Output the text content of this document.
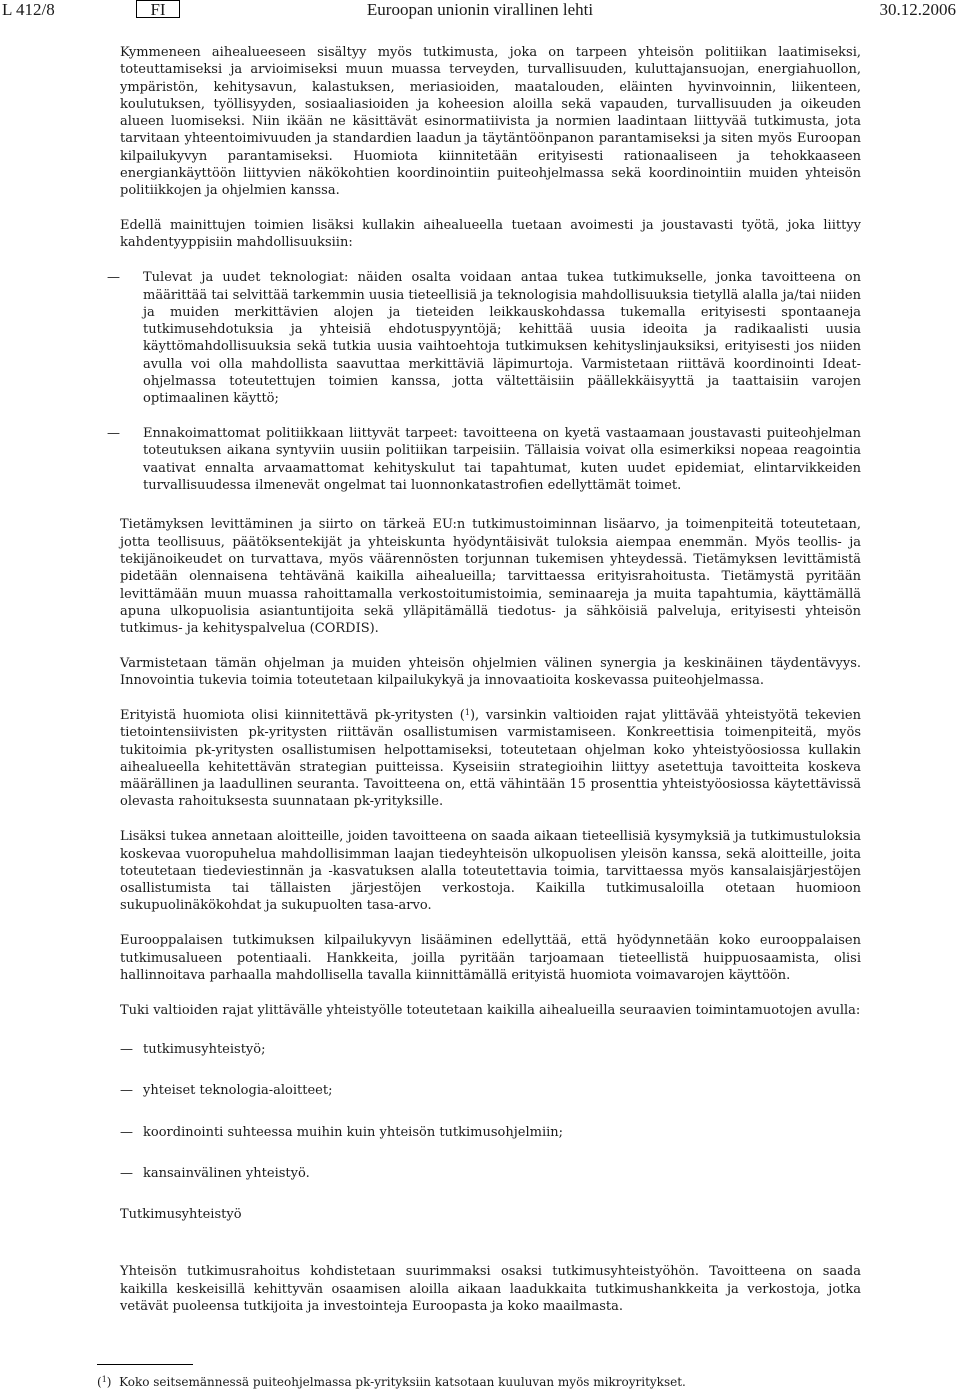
L 412/8	FI	Euroopan unionin virallinen lehti	30.12.2006

Kymmeneen aihealueeseen sisältyy myös tutkimusta, joka on tarpeen yhteisön politiikan laatimiseksi, toteuttamiseksi ja arvioimiseksi muun muassa terveyden, turvallisuuden, kuluttajansuojan, energiahuollon, ympäristön, kehitysavun, kalastuksen, meriasioiden, maatalouden, eläinten hyvinvoinnin, liikenteen, koulutuksen, työllisyyden, sosiaaliasioiden ja koheesion aloilla sekä vapauden, turvallisuuden ja oikeuden alueen luomiseksi. Niin ikään ne käsittävät esinormatiivista ja normien laadintaan liittyvää tutkimusta, jota tarvitaan yhteentoimivuuden ja standardien laadun ja täytäntöönpanon parantamiseksi ja siten myös Euroopan kilpailukyvyn parantamiseksi. Huomiota kiinnitetään erityisesti rationaaliseen ja tehokkaaseen energiankäyttöön liittyvien näkökohtien koordinointiin puiteohjelmassa sekä koordinointiin muiden yhteisön politiikkojen ja ohjelmien kanssa.

Edellä mainittujen toimien lisäksi kullakin aihealueella tuetaan avoimesti ja joustavasti työtä, joka liittyy kahdentyyppisiin mahdollisuuksiin:

— Tulevat ja uudet teknologiat: näiden osalta voidaan antaa tukea tutkimukselle, jonka tavoitteena on määrittää tai selvittää tarkemmin uusia tieteellisiä ja teknologisia mahdollisuuksia tietyllä alalla ja/tai niiden ja muiden merkittävien alojen ja tieteiden leikkauskohdassa tukemalla erityisesti spontaaneja tutkimusehdotuksia ja yhteisiä ehdotuspyyntöjä; kehittää uusia ideoita ja radikaalisti uusia käyttömahdollisuuksia sekä tutkia uusia vaihtoehtoja tutkimuksen kehityslinjauksiksi, erityisesti jos niiden avulla voi olla mahdollista saavuttaa merkittäviä läpimurtoja. Varmistetaan riittävä koordinointi Ideat-ohjelmassa toteutettujen toimien kanssa, jotta vältettäisiin päällekkäisyyttä ja taattaisiin varojen optimaalinen käyttö;
— Ennakoimattomat politiikkaan liittyvät tarpeet: tavoitteena on kyetä vastaamaan joustavasti puiteohjelman toteutuksen aikana syntyviin uusiin politiikan tarpeisiin. Tällaisia voivat olla esimerkiksi nopeaa reagointia vaativat ennalta arvaamattomat kehityskulut tai tapahtumat, kuten uudet epidemiat, elintarvikkeiden turvallisuudessa ilmenevät ongelmat tai luonnonkatastrofien edellyttämät toimet.

Tietämyksen levittäminen ja siirto on tärkeä EU:n tutkimustoiminnan lisäarvo, ja toimenpiteitä toteutetaan, jotta teollisuus, päätöksentekijät ja yhteiskunta hyödyntäisivät tuloksia aiempaa enemmän. Myös teollis- ja tekijänoikeudet on turvattava, myös väärennösten torjunnan tukemisen yhteydessä. Tietämyksen levittämistä pidetään olennaisena tehtävänä kaikilla aihealueilla; tarvittaessa erityisrahoitusta. Tietämystä pyritään levittämään muun muassa rahoittamalla verkostoitumistoimia, seminaareja ja muita tapahtumia, käyttämällä apuna ulkopuolisia asiantuntijoita sekä ylläpitämällä tiedotus- ja sähköisiä palveluja, erityisesti yhteisön tutkimus- ja kehityspalvelua (CORDIS).

Varmistetaan tämän ohjelman ja muiden yhteisön ohjelmien välinen synergia ja keskinäinen täydentävyys. Innovointia tukevia toimia toteutetaan kilpailukykyä ja innovaatioita koskevassa puiteohjelmassa.

Erityistä huomiota olisi kiinnitettävä pk-yritysten ($^1$), varsinkin valtioiden rajat ylittävää yhteistyötä tekevien tietointensiivisten pk-yritysten riittävän osallistumisen varmistamiseen. Konkreettisia toimenpiteitä, myös tukitoimia pk-yritysten osallistumisen helpottamiseksi, toteutetaan ohjelman koko yhteistyöosiossa kullakin aihealueella kehitettävän strategian puitteissa. Kyseisiin strategioihin liittyy asetettuja tavoitteita koskeva määrällinen ja laadullinen seuranta. Tavoitteena on, että vähintään 15 prosenttia yhteistyöosiossa käytettävissä olevasta rahoituksesta suunnataan pk-yrityksille.

Lisäksi tukea annetaan aloitteille, joiden tavoitteena on saada aikaan tieteellisiä kysymyksiä ja tutkimustuloksia koskevaa vuoropuhelua mahdollisimman laajan tiedeyhteisön ulkopuolisen yleisön kanssa, sekä aloitteille, joita toteutetaan tiedeviestinnän ja -kasvatuksen alalla toteutettavia toimia, tarvittaessa myös kansalaisjärjestöjen osallistumista tai tällaisten järjestöjen verkostoja. Kaikilla tutkimusaloilla otetaan huomioon sukupuolinäkökohdat ja sukupuolten tasa-arvo.

Eurooppalaisen tutkimuksen kilpailukyvyn lisääminen edellyttää, että hyödynnetään koko eurooppalaisen tutkimusalueen potentiaali. Hankkeita, joilla pyritään tarjoamaan tieteellistä huippuosaamista, olisi hallinnoitava parhaalla mahdollisella tavalla kiinnittämällä erityistä huomiota voimavarojen käyttöön.

Tuki valtioiden rajat ylittävälle yhteistyölle toteutetaan kaikilla aihealueilla seuraavien toimintamuotojen avulla:

— tutkimusyhteistyö;
— yhteiset teknologia-aloitteet;
— koordinointi suhteessa muihin kuin yhteisön tutkimusohjelmiin;
— kansainvälinen yhteistyö.

Tutkimusyhteistyö

Yhteisön tutkimusrahoitus kohdistetaan suurimmaksi osaksi tutkimusyhteistyöhön. Tavoitteena on saada kaikilla keskeisillä kehittyvän osaamisen aloilla aikaan laadukkaita tutkimushankkeita ja verkostoja, jotka vetävät puoleensa tutkijoita ja investointeja Euroopasta ja koko maailmasta.

($^1$)  Koko seitsemännessä puiteohjelmassa pk-yrityksiin katsotaan kuuluvan myös mikroyritykset.
